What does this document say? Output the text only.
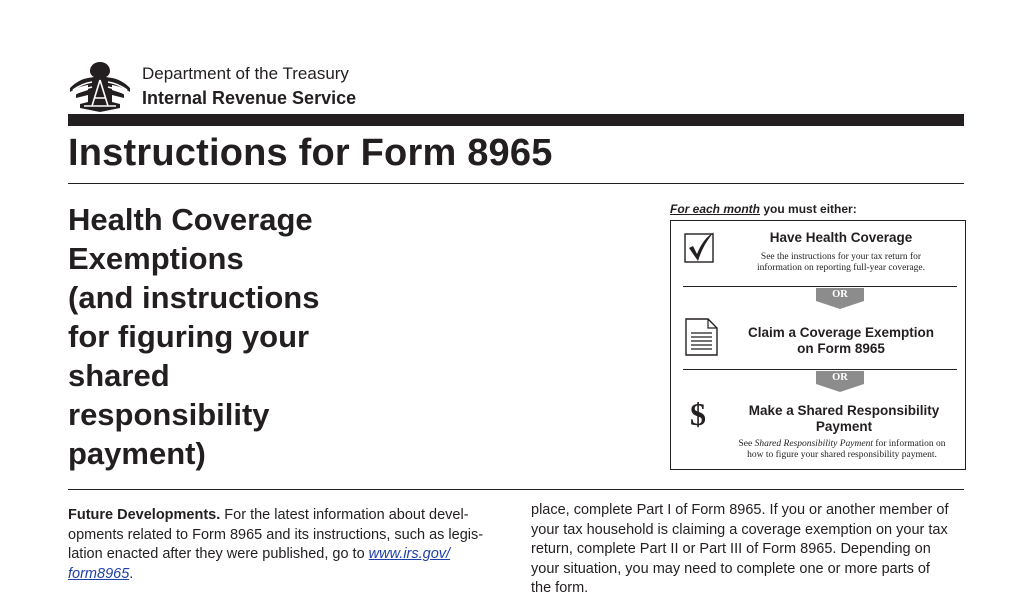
Department of the Treasury
Internal Revenue Service
Instructions for Form 8965
Health Coverage
Exemptions
(and instructions
for figuring your
shared
responsibility
payment)
For each month you must either:
Have Health Coverage
See the instructions for your tax return for
information on reporting full-year coverage.
OR
Claim a Coverage Exemption
on Form 8965
OR
$	Make a Shared Responsibility
Payment
See Shared Responsibility Payment for information on
how to figure your shared responsibility payment.
Future Developments. For the latest information about devel-
opments related to Form 8965 and its instructions, such as legis-
lation enacted after they were published, go to www.irs.gov/
form8965.
place, complete Part I of Form 8965. If you or another member of
your tax household is claiming a coverage exemption on your tax
return, complete Part II or Part III of Form 8965. Depending on
your situation, you may need to complete one or more parts of
the form.
